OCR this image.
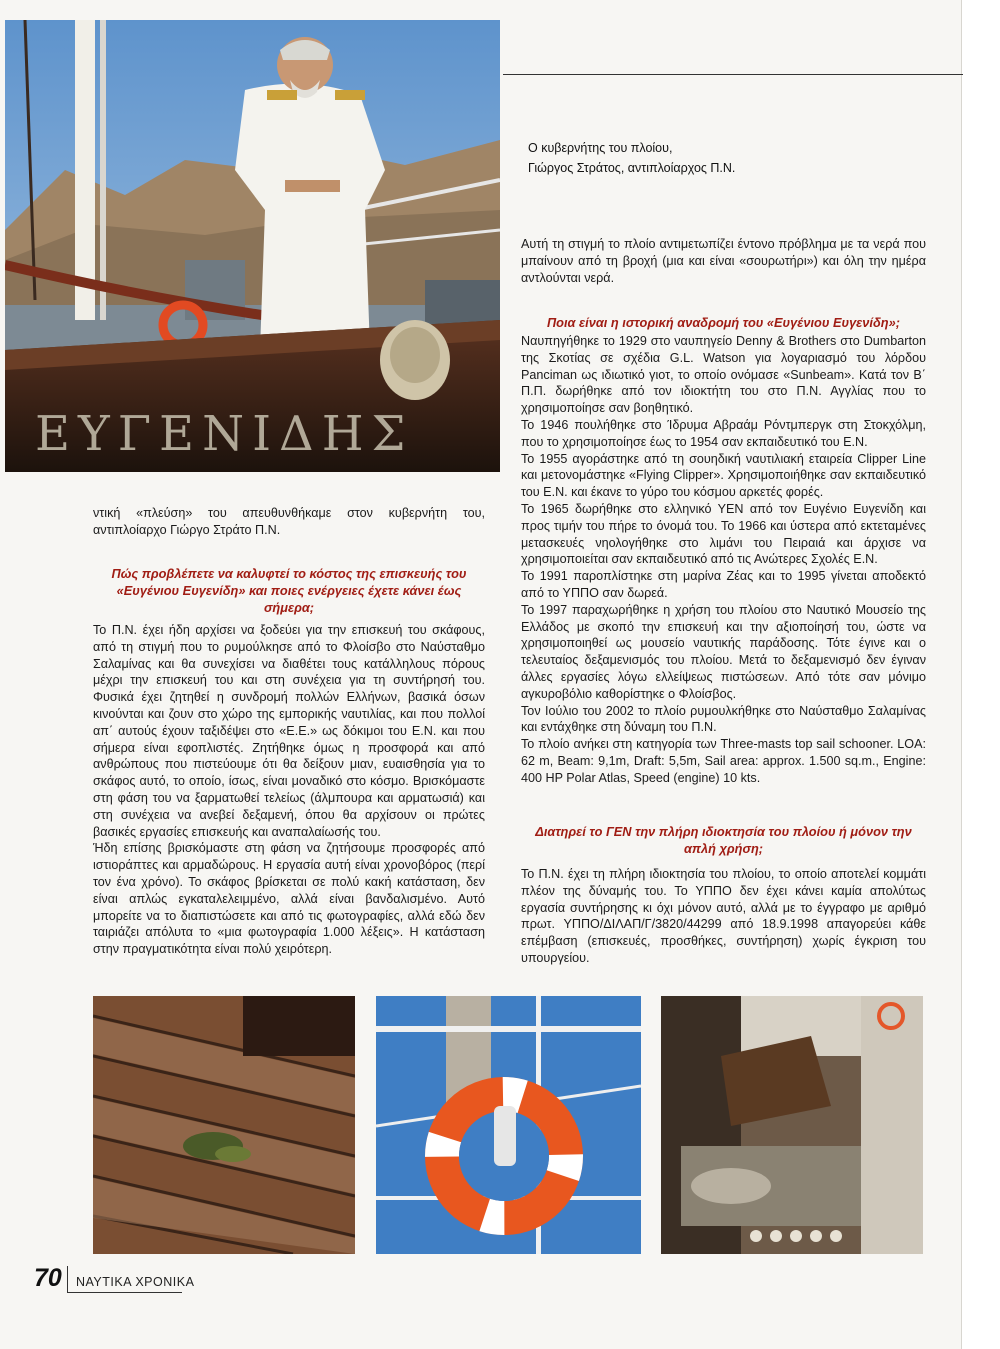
ΕΥΓΕΝΙΔΗΣ
Ο κυβερνήτης του πλοίου,
Γιώργος Στράτος, αντιπλοίαρχος Π.Ν.

Αυτή τη στιγμή το πλοίο αντιμετωπίζει έντονο πρόβλημα με τα νερά που μπαίνουν από τη βροχή (μια και είναι «σουρωτήρι») και όλη την ημέρα αντλούνται νερά.

Ποια είναι η ιστορική αναδρομή του «Ευγένιου Ευγενίδη»;

Ναυπηγήθηκε το 1929 στο ναυπηγείο Denny & Brothers στο Dumbarton της Σκοτίας σε σχέδια G.L. Watson για λογαριασμό του λόρδου Panciman ως ιδιωτικό γιοτ, το οποίο ονόμασε «Sunbeam». Κατά τον Β΄ Π.Π. δωρήθηκε από τον ιδιοκτήτη του στο Π.Ν. Αγγλίας που το χρησιμοποίησε σαν βοηθητικό.

Το 1946 πουλήθηκε στο Ίδρυμα Αβραάμ Ρόντμπεργκ στη Στοκχόλμη, που το χρησιμοποίησε έως το 1954 σαν εκπαιδευτικό του Ε.Ν.

Το 1955 αγοράστηκε από τη σουηδική ναυτιλιακή εταιρεία Clipper Line και μετονομάστηκε «Flying Clipper». Χρησιμοποιήθηκε σαν εκπαιδευτικό του Ε.Ν. και έκανε το γύρο του κόσμου αρκετές φορές.

Το 1965 δωρήθηκε στο ελληνικό ΥΕΝ από τον Ευγένιο Ευγενίδη και προς τιμήν του πήρε το όνομά του. Το 1966 και ύστερα από εκτεταμένες μετασκευές νηολογήθηκε στο λιμάνι του Πειραιά και άρχισε να χρησιμοποιείται σαν εκπαιδευτικό από τις Ανώτερες Σχολές Ε.Ν.

Το 1991 παροπλίστηκε στη μαρίνα Ζέας και το 1995 γίνεται αποδεκτό από το ΥΠΠΟ σαν δωρεά.

Το 1997 παραχωρήθηκε η χρήση του πλοίου στο Ναυτικό Μουσείο της Ελλάδος με σκοπό την επισκευή και την αξιοποίησή του, ώστε να χρησιμοποιηθεί ως μουσείο ναυτικής παράδοσης. Τότε έγινε και ο τελευταίος δεξαμενισμός του πλοίου. Μετά το δεξαμενισμό δεν έγιναν άλλες εργασίες λόγω ελλείψεως πιστώσεων. Από τότε σαν μόνιμο αγκυροβόλιο καθορίστηκε ο Φλοίσβος.

Τον Ιούλιο του 2002 το πλοίο ρυμουλκήθηκε στο Ναύσταθμο Σαλαμίνας και εντάχθηκε στη δύναμη του Π.Ν.

Το πλοίο ανήκει στη κατηγορία των Three-masts top sail schooner. LOA: 62 m, Beam: 9,1m, Draft: 5,5m, Sail area: approx. 1.500 sq.m., Engine: 400 HP Polar Atlas, Speed (engine) 10 kts.

Διατηρεί το ΓΕΝ την πλήρη ιδιοκτησία του πλοίου ή μόνον την απλή χρήση;

Το Π.Ν. έχει τη πλήρη ιδιοκτησία του πλοίου, το οποίο αποτελεί κομμάτι πλέον της δύναμής του. Το ΥΠΠΟ δεν έχει κάνει καμία απολύτως εργασία συντήρησης κι όχι μόνον αυτό, αλλά με το έγγραφο με αριθμό πρωτ. ΥΠΠΟ/ΔΙΛΑΠ/Γ/3820/44299 από 18.9.1998 απαγορεύει κάθε επέμβαση (επισκευές, προσθήκες, συντήρηση) χωρίς έγκριση του υπουργείου.

ντική «πλεύση» του απευθυνθήκαμε στον κυβερνήτη του, αντιπλοίαρχο Γιώργο Στράτο Π.Ν.

Πώς προβλέπετε να καλυφτεί το κόστος της επισκευής του «Ευγένιου Ευγενίδη» και ποιες ενέργειες έχετε κάνει έως σήμερα;

Το Π.Ν. έχει ήδη αρχίσει να ξοδεύει για την επισκευή του σκάφους, από τη στιγμή που το ρυμούλκησε από το Φλοίσβο στο Ναύσταθμο Σαλαμίνας και θα συνεχίσει να διαθέτει τους κατάλληλους πόρους μέχρι την επισκευή του και στη συνέχεια για τη συντήρησή του. Φυσικά έχει ζητηθεί η συνδρομή πολλών Ελλήνων, βασικά όσων κινούνται και ζουν στο χώρο της εμπορικής ναυτιλίας, και που πολλοί απ΄ αυτούς έχουν ταξιδέψει στο «Ε.Ε.» ως δόκιμοι του Ε.Ν. και που σήμερα είναι εφοπλιστές. Ζητήθηκε όμως η προσφορά και από ανθρώπους που πιστεύουμε ότι θα δείξουν μιαν, ευαισθησία για το σκάφος αυτό, το οποίο, ίσως, είναι μοναδικό στο κόσμο. Βρισκόμαστε στη φάση του να ξαρματωθεί τελείως (άλμπουρα και αρματωσιά) και στη συνέχεια να ανεβεί δεξαμενή, όπου θα αρχίσουν οι πρώτες βασικές εργασίες επισκευής και αναπαλαίωσής του.

Ήδη επίσης βρισκόμαστε στη φάση να ζητήσουμε προσφορές από ιστιοράπτες και αρμαδώρους. Η εργασία αυτή είναι χρονοβόρος (περί τον ένα χρόνο). Το σκάφος βρίσκεται σε πολύ κακή κατάσταση, δεν είναι απλώς εγκαταλελειμμένο, αλλά είναι βανδαλισμένο. Αυτό μπορείτε να το διαπιστώσετε και από τις φωτογραφίες, αλλά εδώ δεν ταιριάζει απόλυτα το «μια φωτογραφία 1.000 λέξεις». Η κατάσταση στην πραγματικότητα είναι πολύ χειρότερη.

70 ΝΑΥΤΙΚΑ ΧΡΟΝΙΚΑ
